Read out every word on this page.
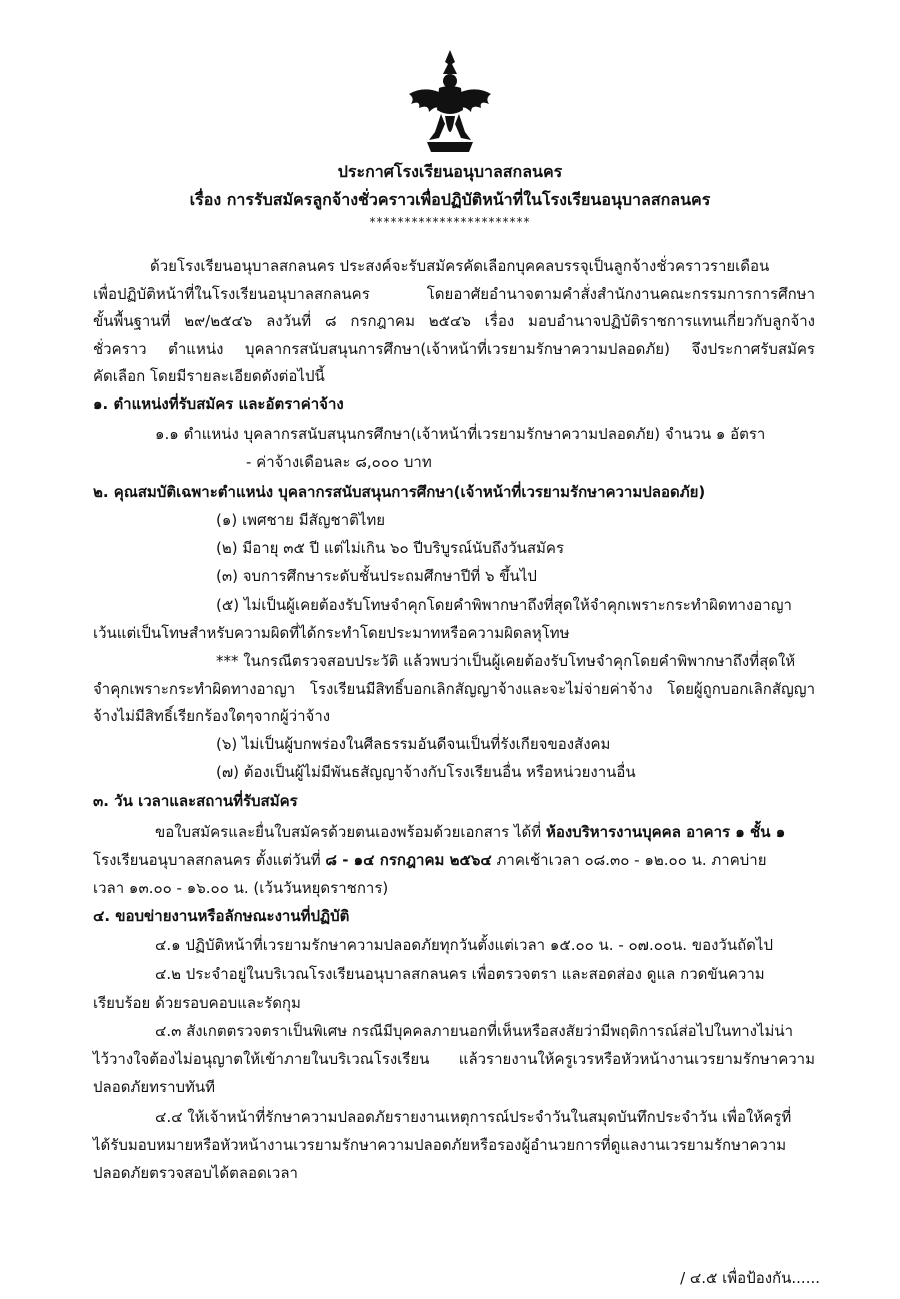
ประกาศโรงเรียนอนุบาลสกลนคร
เรื่อง การรับสมัครลูกจ้างชั่วคราวเพื่อปฏิบัติหน้าที่ในโรงเรียนอนุบาลสกลนคร
***********************
ด้วยโรงเรียนอนุบาลสกลนคร ประสงค์จะรับสมัครคัดเลือกบุคคลบรรจุเป็นลูกจ้างชั่วคราวรายเดือน
เพื่อปฏิบัติหน้าที่ในโรงเรียนอนุบาลสกลนคร โดยอาศัยอำนาจตามคำสั่งสำนักงานคณะกรรมการการศึกษา
ขั้นพื้นฐานที่ ๒๙/๒๕๔๖ ลงวันที่ ๘ กรกฎาคม ๒๕๔๖ เรื่อง มอบอำนาจปฏิบัติราชการแทนเกี่ยวกับลูกจ้าง
ชั่วคราว ตำแหน่ง บุคลากรสนับสนุนการศึกษา(เจ้าหน้าที่เวรยามรักษาความปลอดภัย) จึงประกาศรับสมัคร
คัดเลือก โดยมีรายละเอียดดังต่อไปนี้
๑. ตำแหน่งที่รับสมัคร และอัตราค่าจ้าง
๑.๑ ตำแหน่ง บุคลากรสนับสนุนกรศึกษา(เจ้าหน้าที่เวรยามรักษาความปลอดภัย) จำนวน ๑ อัตรา
- ค่าจ้างเดือนละ ๘,๐๐๐ บาท
๒. คุณสมบัติเฉพาะตำแหน่ง บุคลากรสนับสนุนการศึกษา(เจ้าหน้าที่เวรยามรักษาความปลอดภัย)
(๑) เพศชาย มีสัญชาติไทย
(๒) มีอายุ ๓๕ ปี แต่ไม่เกิน ๖๐ ปีบริบูรณ์นับถึงวันสมัคร
(๓) จบการศึกษาระดับชั้นประถมศึกษาปีที่ ๖ ขึ้นไป
(๕) ไม่เป็นผู้เคยต้องรับโทษจำคุกโดยคำพิพากษาถึงที่สุดให้จำคุกเพราะกระทำผิดทางอาญา
เว้นแต่เป็นโทษสำหรับความผิดที่ได้กระทำโดยประมาทหรือความผิดลหุโทษ
*** ในกรณีตรวจสอบประวัติ แล้วพบว่าเป็นผู้เคยต้องรับโทษจำคุกโดยคำพิพากษาถึงที่สุดให้
จำคุกเพราะกระทำผิดทางอาญา โรงเรียนมีสิทธิ์บอกเลิกสัญญาจ้างและจะไม่จ่ายค่าจ้าง โดยผู้ถูกบอกเลิกสัญญา
จ้างไม่มีสิทธิ์เรียกร้องใดๆจากผู้ว่าจ้าง
(๖) ไม่เป็นผู้บกพร่องในศีลธรรมอันดีจนเป็นที่รังเกียจของสังคม
(๗) ต้องเป็นผู้ไม่มีพันธสัญญาจ้างกับโรงเรียนอื่น หรือหน่วยงานอื่น
๓. วัน เวลาและสถานที่รับสมัคร
ขอใบสมัครและยื่นใบสมัครด้วยตนเองพร้อมด้วยเอกสาร ได้ที่ ห้องบริหารงานบุคคล อาคาร ๑ ชั้น ๑
โรงเรียนอนุบาลสกลนคร ตั้งแต่วันที่ ๘ - ๑๔ กรกฎาคม ๒๕๖๔ ภาคเช้าเวลา ๐๘.๓๐ - ๑๒.๐๐ น. ภาคบ่าย
เวลา ๑๓.๐๐ - ๑๖.๐๐ น. (เว้นวันหยุดราชการ)
๔. ขอบข่ายงานหรือลักษณะงานที่ปฏิบัติ
๔.๑ ปฏิบัติหน้าที่เวรยามรักษาความปลอดภัยทุกวันตั้งแต่เวลา ๑๕.๐๐ น. - ๐๗.๐๐น. ของวันถัดไป
๔.๒ ประจำอยู่ในบริเวณโรงเรียนอนุบาลสกลนคร เพื่อตรวจตรา และสอดส่อง ดูแล กวดขันความ
เรียบร้อย ด้วยรอบคอบและรัดกุม
๔.๓ สังเกตตรวจตราเป็นพิเศษ กรณีมีบุคคลภายนอกที่เห็นหรือสงสัยว่ามีพฤติการณ์ส่อไปในทางไม่น่า
ไว้วางใจต้องไม่อนุญาตให้เข้าภายในบริเวณโรงเรียน แล้วรายงานให้ครูเวรหรือหัวหน้างานเวรยามรักษาความ
ปลอดภัยทราบทันที
๔.๔ ให้เจ้าหน้าที่รักษาความปลอดภัยรายงานเหตุการณ์ประจำวันในสมุดบันทึกประจำวัน เพื่อให้ครูที่
ได้รับมอบหมายหรือหัวหน้างานเวรยามรักษาความปลอดภัยหรือรองผู้อำนวยการที่ดูแลงานเวรยามรักษาความ
ปลอดภัยตรวจสอบได้ตลอดเวลา
/ ๔.๕ เพื่อป้องกัน......
